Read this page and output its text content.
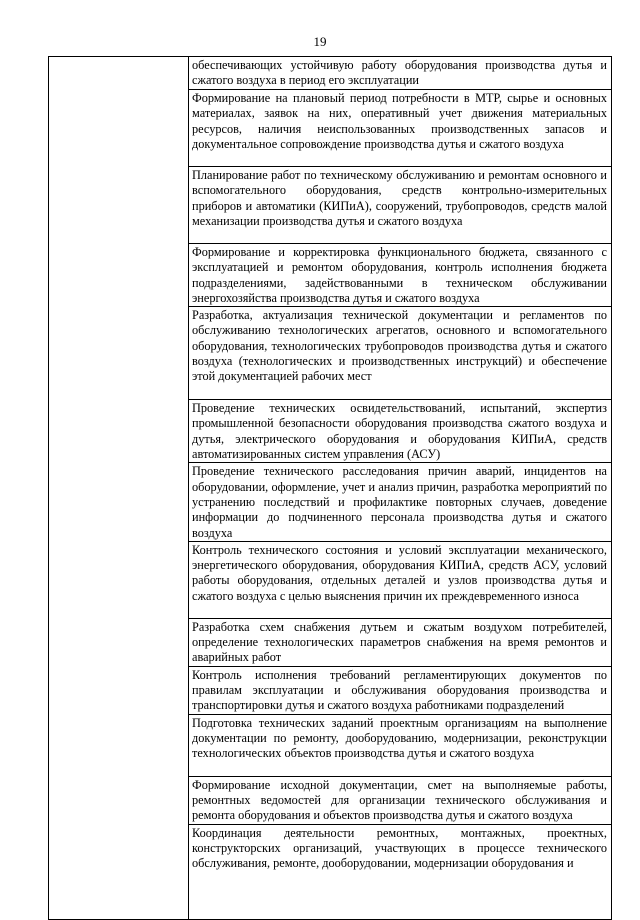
19

обеспечивающих устойчивую работу оборудования производства дутья и сжатого воздуха в период его эксплуатации

Формирование на плановый период потребности в МТР, сырье и основных материалах, заявок на них, оперативный учет движения материальных ресурсов, наличия неиспользованных производственных запасов и документальное сопровождение производства дутья и сжатого воздуха

Планирование работ по техническому обслуживанию и ремонтам основного и вспомогательного оборудования, средств контрольно-измерительных приборов и автоматики (КИПиА), сооружений, трубопроводов, средств малой механизации производства дутья и сжатого воздуха

Формирование и корректировка функционального бюджета, связанного с эксплуатацией и ремонтом оборудования, контроль исполнения бюджета подразделениями, задействованными в техническом обслуживании энергохозяйства производства дутья и сжатого воздуха

Разработка, актуализация технической документации и регламентов по обслуживанию технологических агрегатов, основного и вспомогательного оборудования, технологических трубопроводов производства дутья и сжатого воздуха (технологических и производственных инструкций) и обеспечение этой документацией рабочих мест

Проведение технических освидетельствований, испытаний, экспертиз промышленной безопасности оборудования производства сжатого воздуха и дутья, электрического оборудования и оборудования КИПиА, средств автоматизированных систем управления (АСУ)

Проведение технического расследования причин аварий, инцидентов на оборудовании, оформление, учет и анализ причин, разработка мероприятий по устранению последствий и профилактике повторных случаев, доведение информации до подчиненного персонала производства дутья и сжатого воздуха

Контроль технического состояния и условий эксплуатации механического, энергетического оборудования, оборудования КИПиА, средств АСУ, условий работы оборудования, отдельных деталей и узлов производства дутья и сжатого воздуха с целью выяснения причин их преждевременного износа

Разработка схем снабжения дутьем и сжатым воздухом потребителей, определение технологических параметров снабжения на время ремонтов и аварийных работ

Контроль исполнения требований регламентирующих документов по правилам эксплуатации и обслуживания оборудования производства и транспортировки дутья и сжатого воздуха работниками подразделений

Подготовка технических заданий проектным организациям на выполнение документации по ремонту, дооборудованию, модернизации, реконструкции технологических объектов производства дутья и сжатого воздуха

Формирование исходной документации, смет на выполняемые работы, ремонтных ведомостей для организации технического обслуживания и ремонта оборудования и объектов производства дутья и сжатого воздуха

Координация деятельности ремонтных, монтажных, проектных, конструкторских организаций, участвующих в процессе технического обслуживания, ремонте, дооборудовании, модернизации оборудования и
